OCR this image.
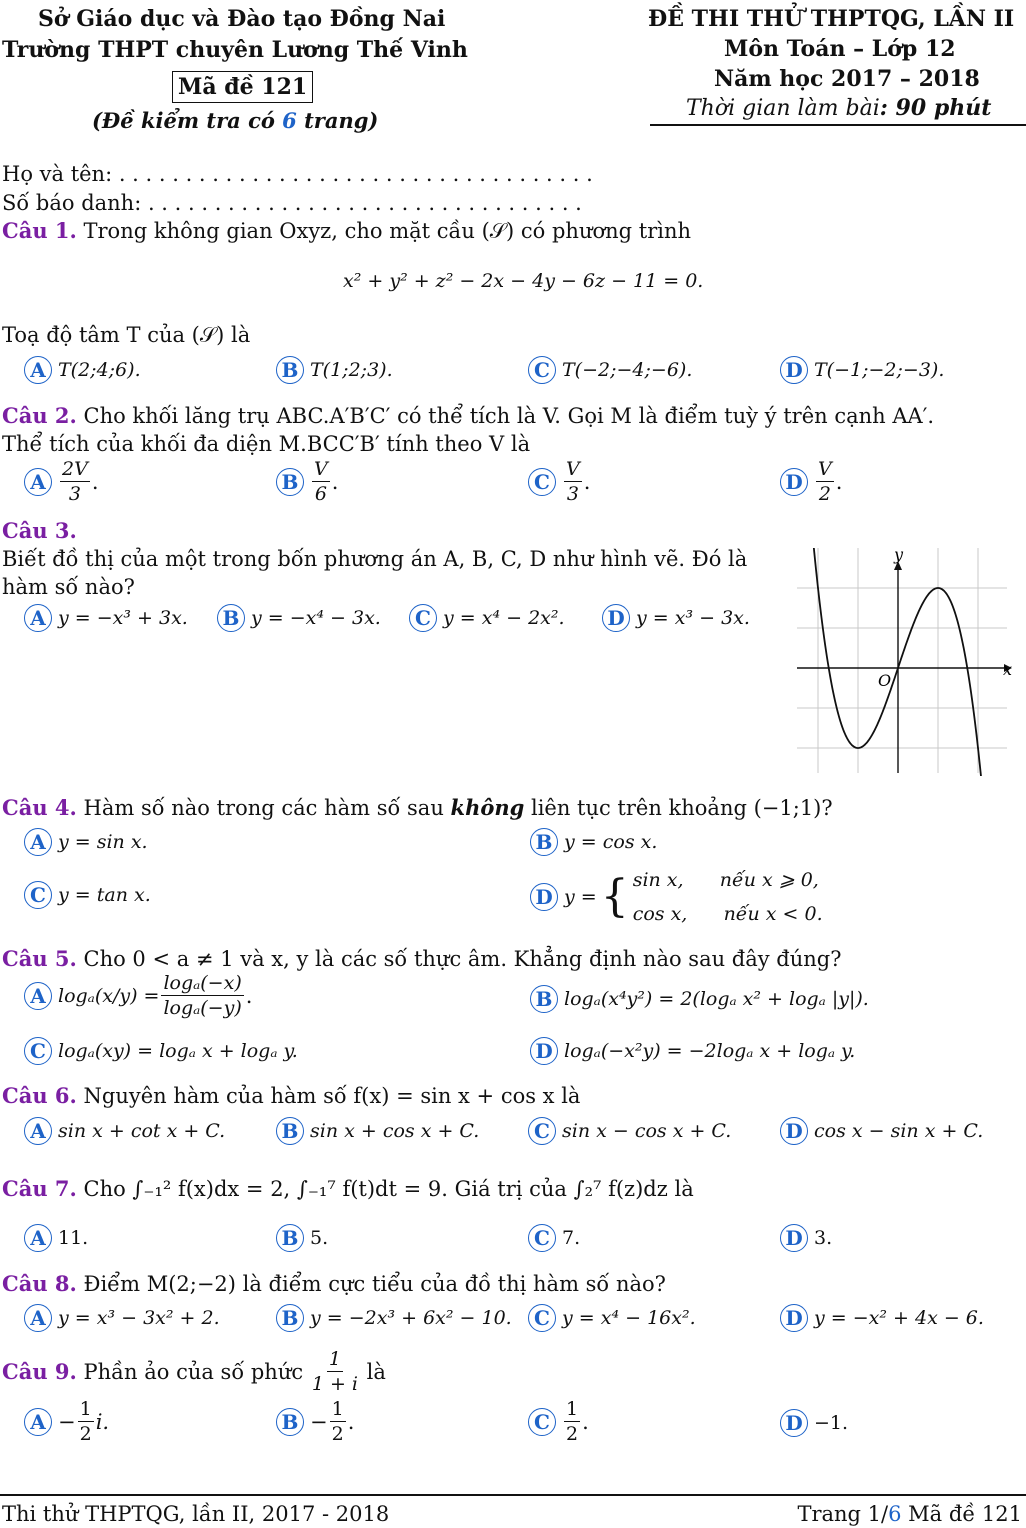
Sở Giáo dục và Đào tạo Đồng Nai
Trường THPT chuyên Lương Thế Vinh
Mã đề 121
(Đề kiểm tra có 6 trang)
ĐỀ THI THỬ THPTQG, LẦN II
Môn Toán – Lớp 12
Năm học 2017 – 2018
Thời gian làm bài: 90 phút
Họ và tên: . . . . . . . . . . . . . . . . . . . . . . . . . . . . . . . . . . . .
Số báo danh: . . . . . . . . . . . . . . . . . . . . . . . . . . . . . . . . .
Câu 1. Trong không gian Oxyz, cho mặt cầu (𝒮) có phương trình
x² + y² + z² − 2x − 4y − 6z − 11 = 0.
Toạ độ tâm T của (𝒮) là
A T(2;4;6).	B T(1;2;3).	C T(−2;−4;−6).	D T(−1;−2;−3).
Câu 2. Cho khối lăng trụ ABC.A′B′C′ có thể tích là V. Gọi M là điểm tuỳ ý trên cạnh AA′.
Thể tích của khối đa diện M.BCC′B′ tính theo V là
A $\frac{2V}{3}$ .	B $\frac{V}{6}$ .	C $\frac{V}{3}$ .	D $\frac{V}{2}$ .
Câu 3.
Biết đồ thị của một trong bốn phương án A, B, C, D như hình vẽ. Đó là
hàm số nào?
A y = −x³ + 3x. B y = −x⁴ − 3x.	C y = x⁴ − 2x². D y = x³ − 3x.
x
y
O
Câu 4. Hàm số nào trong các hàm số sau không liên tục trên khoảng (−1;1)?
A y = sin x.	B y = cos x.
C y = tan x.	D y = { sin x,      nếu x ⩾ 0,
cos x,      nếu x < 0.
Câu 5. Cho 0 < a ≠ 1 và x, y là các số thực âm. Khẳng định nào sau đây đúng?
A $\log_a(x/y) = \frac{\text{logₐ(−x)}}{\text{logₐ(−y)}}$ .	B logₐ(x⁴y²) = 2(logₐ x² + logₐ |y|).
C logₐ(xy) = logₐ x + logₐ y.	D logₐ(−x²y) = −2logₐ x + logₐ y.
Câu 6. Nguyên hàm của hàm số f(x) = sin x + cos x là
A sin x + cot x + C.	B sin x + cos x + C.	C sin x − cos x + C.	D cos x − sin x + C.
Câu 7. Cho ∫₋₁² f(x)dx = 2, ∫₋₁⁷ f(t)dt = 9. Giá trị của ∫₂⁷ f(z)dz là
A 11.	B 5.	C 7.	D 3.
Câu 8. Điểm M(2;−2) là điểm cực tiểu của đồ thị hàm số nào?
A y = x³ − 3x² + 2.	B y = −2x³ + 6x² − 10.	C y = x⁴ − 16x².	D y = −x² + 4x − 6.
Câu 9.
Phần ảo của số phức
$\frac{1}{1 + i}$
là
$A - \frac{1}{2} i$.	$B - \frac{1}{2}$ .	C $\frac{1}{2}$ .	D −1.
Thi thử THPTQG, lần II, 2017 - 2018	Trang 1/6 Mã đề 121
